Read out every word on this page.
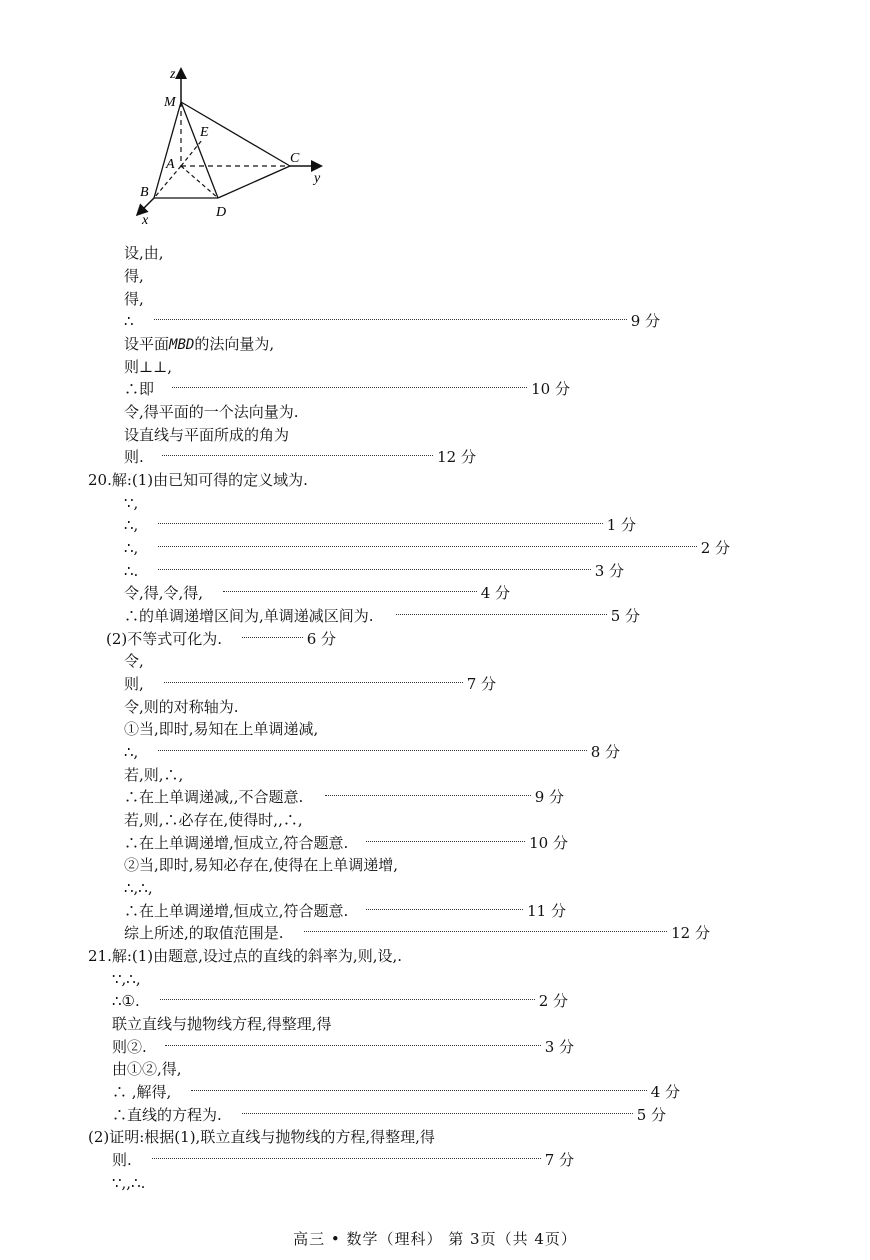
z
M
E
A	C
y
B
D
x
设,由,
得,
得,
∴	9 分
设平面 MBD 的法向量为,
则⊥⊥,
∴即	10 分
令,得平面的一个法向量为.
设直线与平面所成的角为
则.	12 分
20.解:(1)由已知可得的定义域为.
∵,
∴,	1 分
∴,	2 分
∴.	3 分
令,得,令,得,	4 分
∴的单调递增区间为,单调递减区间为.	5 分
(2)不等式可化为.	6 分
令,
则,	7 分
令,则的对称轴为.
①当,即时,易知在上单调递减,
∴,	8 分
若,则,∴,
∴在上单调递减,,不合题意.	9 分
若,则,∴必存在,使得时,,∴,
∴在上单调递增,恒成立,符合题意.	10 分
②当,即时,易知必存在,使得在上单调递增,
∴,∴,
∴在上单调递增,恒成立,符合题意.	11 分
综上所述,的取值范围是.	12 分
21.解:(1)由题意,设过点的直线的斜率为,则,设,.
∵,∴,
∴①.	2 分
联立直线与抛物线方程,得整理,得
则②.	3 分
由①②,得,
∴ ,解得,	4 分
∴直线的方程为.	5 分
(2)证明:根据(1),联立直线与抛物线的方程,得整理,得
则.	7 分
∵,,∴.
高三 • 数学（理科） 第 3页（共 4页）
